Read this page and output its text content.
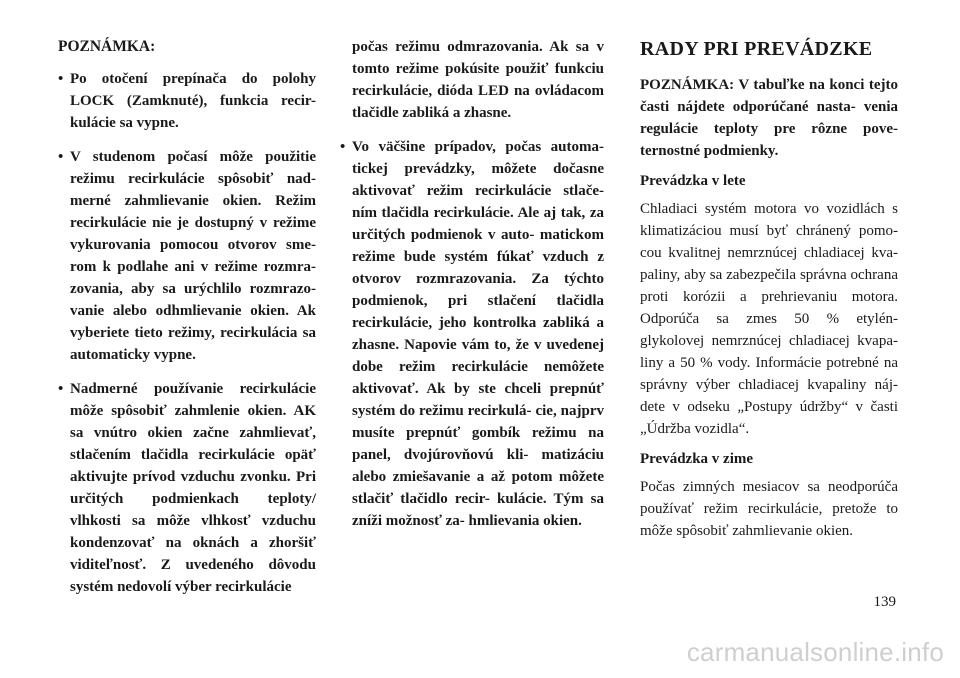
POZNÁMKA:
• Po otočení prepínača do polohy LOCK (Zamknuté), funkcia recir- kulácie sa vypne.
• V studenom počasí môže použitie režimu recirkulácie spôsobiť nad- merné zahmlievanie okien. Režim recirkulácie nie je dostupný v režime vykurovania pomocou otvorov sme- rom k podlahe ani v režime rozmra- zovania, aby sa urýchlilo rozmrazo- vanie alebo odhmlievanie okien. Ak vyberiete tieto režimy, recirkulácia sa automaticky vypne.
• Nadmerné používanie recirkulácie môže spôsobiť zahmlenie okien. AK sa vnútro okien začne zahmlievať, stlačením tlačidla recirkulácie opäť aktivujte prívod vzduchu zvonku. Pri určitých podmienkach teploty/ vlhkosti sa môže vlhkosť vzduchu kondenzovať na oknách a zhoršiť viditeľnosť. Z uvedeného dôvodu systém nedovolí výber recirkulácie

počas režimu odmrazovania. Ak sa v tomto režime pokúsite použiť funkciu recirkulácie, dióda LED na ovládacom tlačidle zabliká a zhasne.

• Vo väčšine prípadov, počas automa- tickej prevádzky, môžete dočasne aktivovať režim recirkulácie stlače- ním tlačidla recirkulácie. Ale aj tak, za určitých podmienok v auto- matickom režime bude systém fúkať vzduch z otvorov rozmrazovania. Za týchto podmienok, pri stlačení tlačidla recirkulácie, jeho kontrolka zabliká a zhasne. Napovie vám to, že v uvedenej dobe režim recirkulácie nemôžete aktivovať. Ak by ste chceli prepnúť systém do režimu recirkulá- cie, najprv musíte prepnúť gombík režimu na panel, dvojúrovňovú kli- matizáciu alebo zmiešavanie a až potom môžete stlačiť tlačidlo recir- kulácie. Tým sa zníži možnosť za- hmlievania okien.
RADY PRI PREVÁDZKE

POZNÁMKA: V tabuľke na konci tejto časti nájdete odporúčané nasta- venia regulácie teploty pre rôzne pove- ternostné podmienky.

Prevádzka v lete

Chladiaci systém motora vo vozidlách s klimatizáciou musí byť chránený pomo- cou kvalitnej nemrznúcej chladiacej kva- paliny, aby sa zabezpečila správna ochrana proti korózii a prehrievaniu motora. Odporúča sa zmes 50 % etylén- glykolovej nemrznúcej chladiacej kvapa- liny a 50 % vody. Informácie potrebné na správny výber chladiacej kvapaliny náj- dete v odseku „Postupy údržby“ v časti „Údržba vozidla“.

Prevádzka v zime

Počas zimných mesiacov sa neodporúča používať režim recirkulácie, pretože to môže spôsobiť zahmlievanie okien.

139
carmanualsonline.info
